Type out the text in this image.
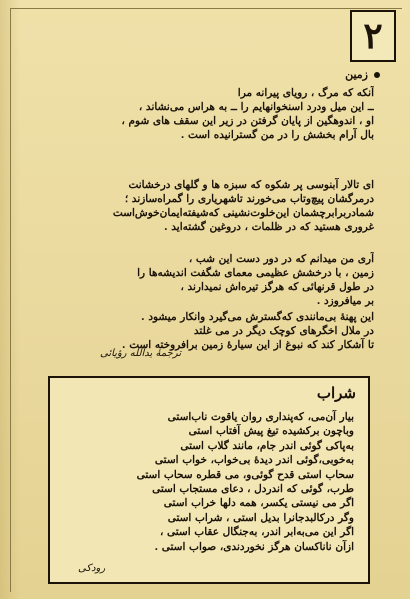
۲
زمین
آنکه که مرگ ، رویای پیرانه مرا
ــ این میل ودرد اسنخوانهایم را ــ به هراس می‌نشاند ،
او ، اندوهگین از پایان گرفتن در زیر این سقف های شوم ،
بال آرام بخشش را در من گسترانیده است .
ای تالار آبنوسی پر شکوه که سبزه ها و گلهای درخشانت
درمرگشان پیچ‌وتاب می‌خورند تاشهریاری را گمراه‌سازند ؛
شمادربرابرچشمان این‌خلوت‌نشینی که‌شیفته‌ایمان‌خوش‌است
غروری هستید که در ظلمات ، دروغین گشته‌اید .
آری من میدانم که در دور دست این شب ،
زمین ، با درخشش عظیمی معمای شگفت اندیشه‌ها را
در طول قرنهائی که هرگز تیره‌اش نمیدارند ،
بر میافروزد .
این پهنهٔ بی‌مانندی که‌گسترش می‌گیرد وانکار میشود .
در ملال اخگرهای کوچک دیگر در می غلتد
تا آشکار کند که نبوغ از این سیارهٔ زمین برافروخته است .
ترجمهٔ یدالله رؤیائی
شراب
بیار آن‌می، که‌پنداری روان یاقوت ناب‌استی
وباچون برکشیده تیغ پیش آفتاب استی
به‌پاکی گوئی اندر جام، مانند گلاب استی
به‌خوبی،گوئی اندر دیدهٔ بی‌خواب، خواب استی
سحاب استی قدح گوئی‌و، می قطره سحاب استی
طرب، گوئی که اندردل ، دعای مستجاب استی
اگر می نیستی یکسر، همه دلها خراب استی
وگر درکالبدجانرا بدیل استی ، شراب استی
اگر این می‌به‌ابر اندر، به‌جنگال عقاب استی ،
ازآن ناناکسان هرگز نخوردندی، صواب استی .
رودکی
